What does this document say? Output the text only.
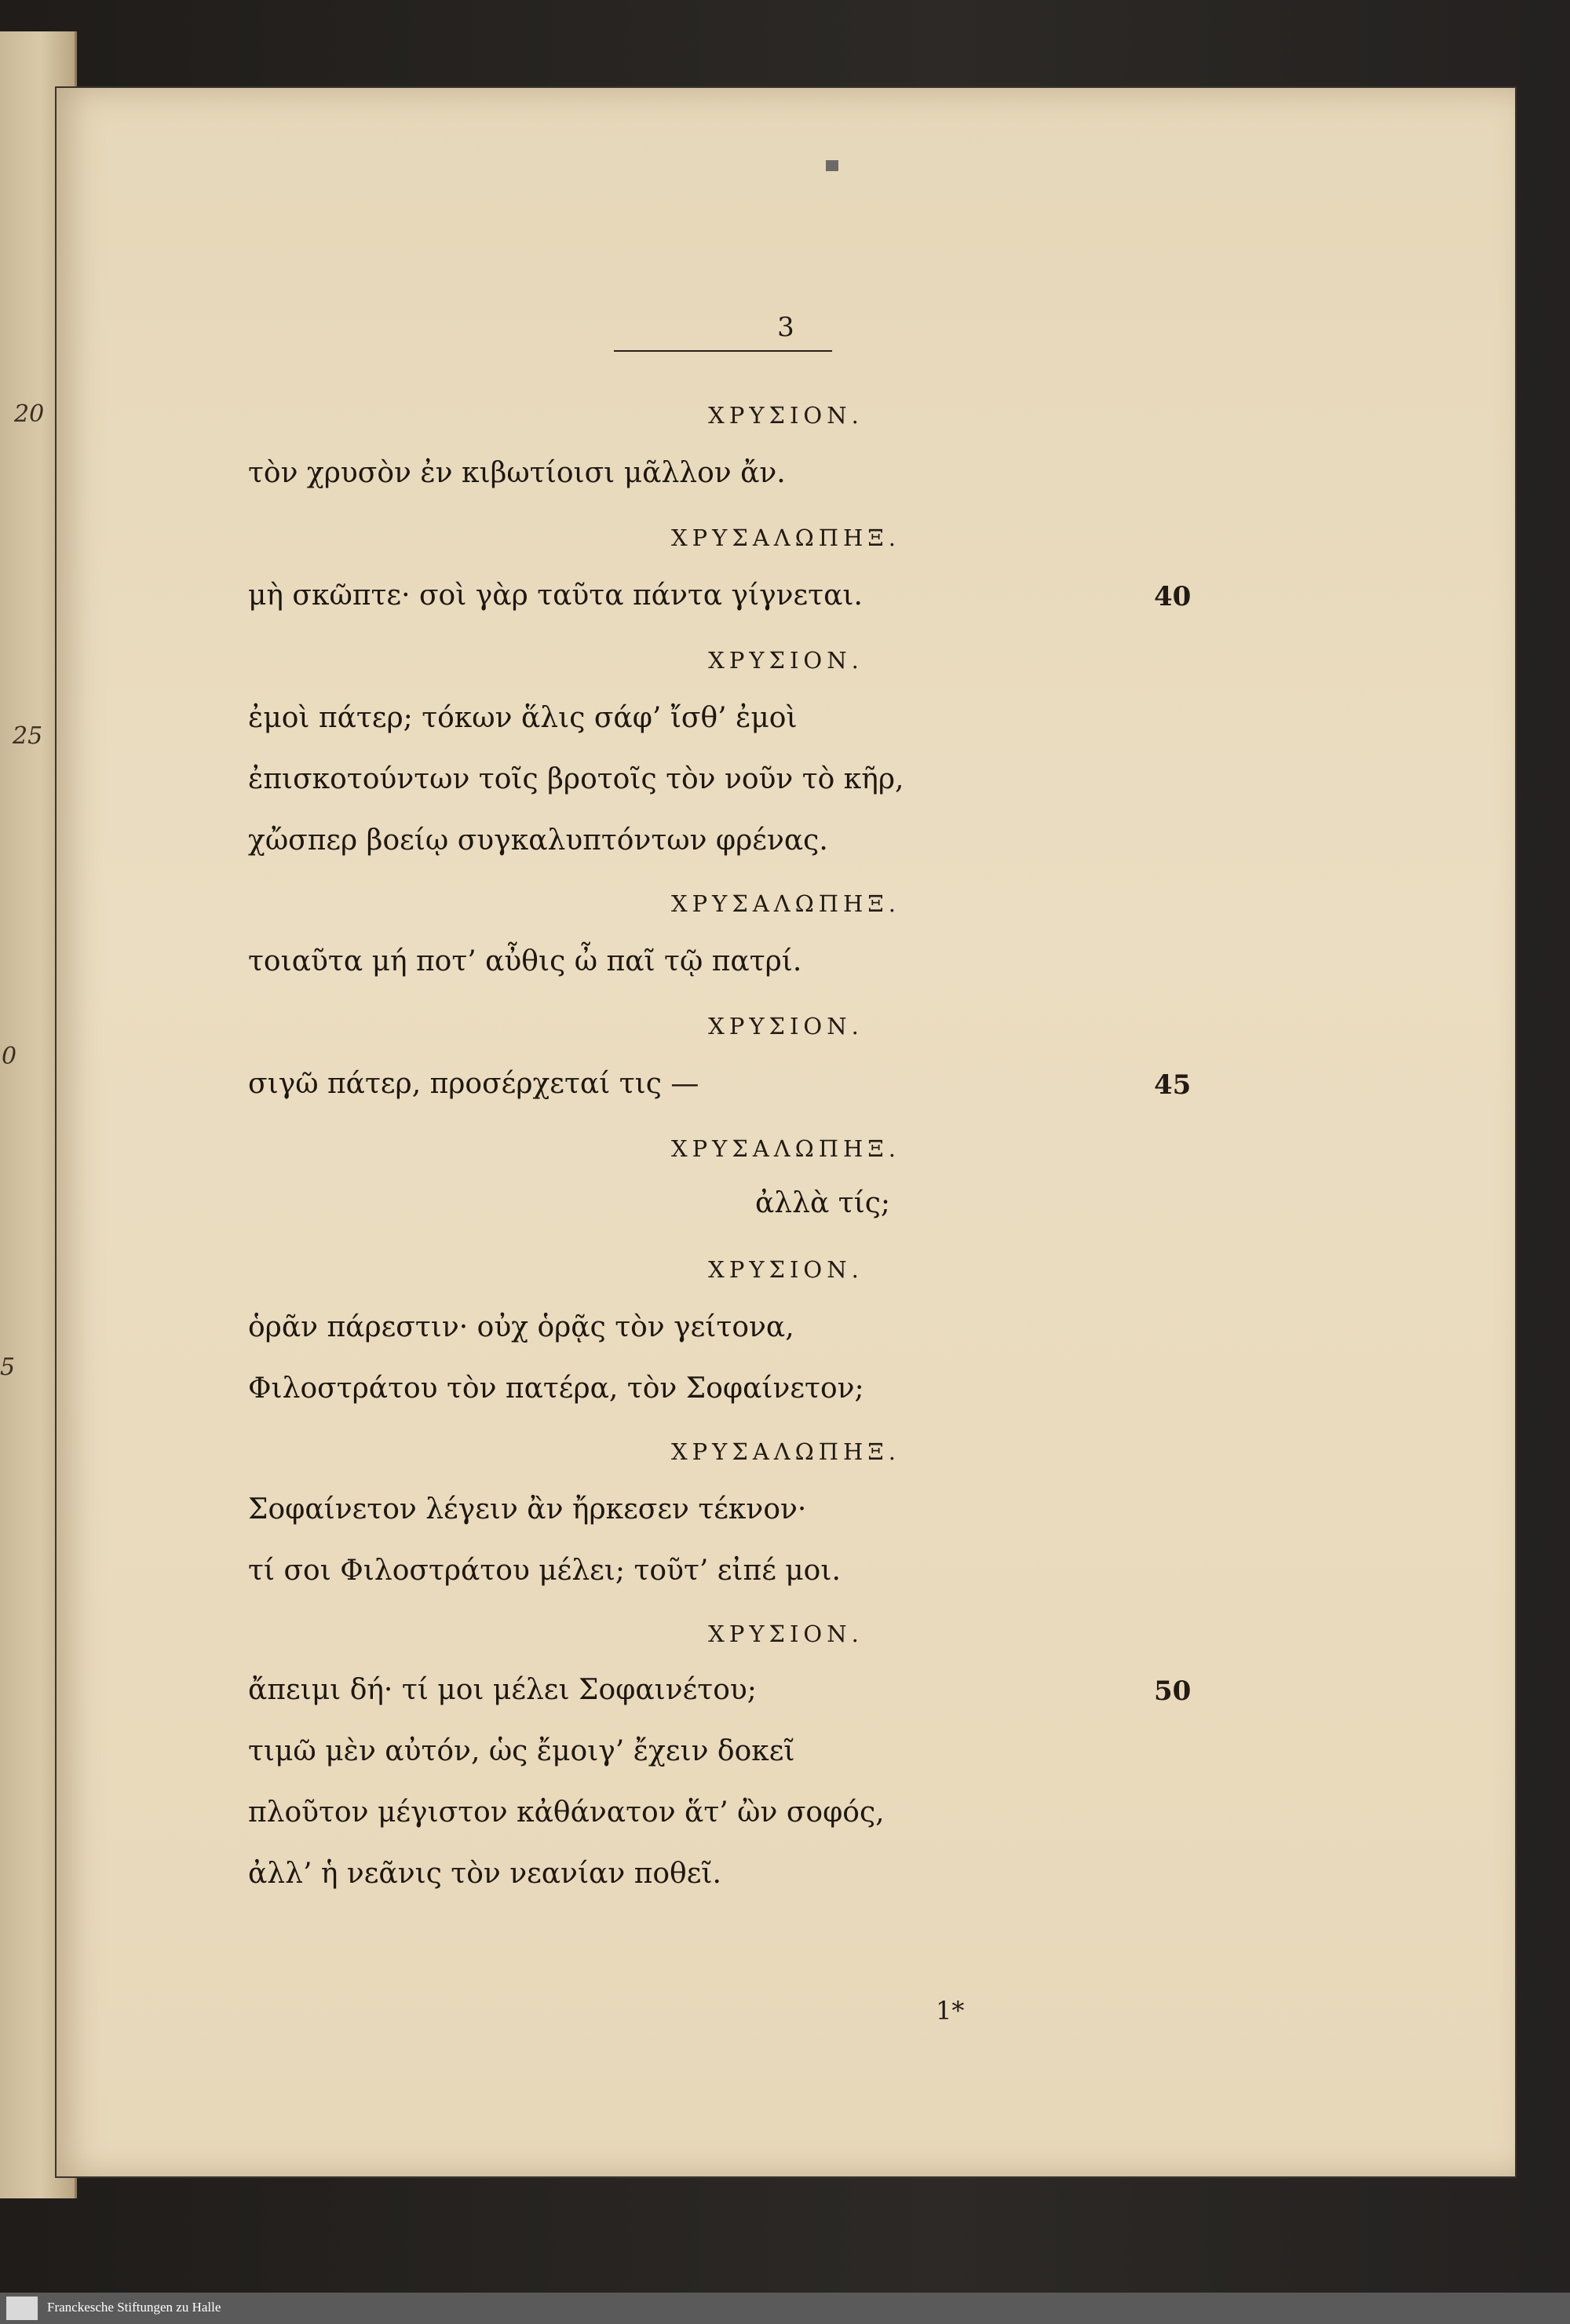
20
25
0
5
3
ΧΡΥΣΙΟΝ.
τὸν χρυσὸν ἐν κιβωτίοισι μᾶλλον ἄν.
ΧΡΥΣΑΛΩΠΗΞ.
μὴ σκῶπτε· σοὶ γὰρ ταῦτα πάντα γίγνεται.	40
ΧΡΥΣΙΟΝ.
ἐμοὶ πάτερ; τόκων ἅλις σάφ’ ἴσθ’ ἐμοὶ
ἐπισκοτούντων τοῖς βροτοῖς τὸν νοῦν τὸ κῆρ,
χὤσπερ βοείῳ συγκαλυπτόντων φρένας.
ΧΡΥΣΑΛΩΠΗΞ.
τοιαῦτα μή ποτ’ αὖθις ὦ παῖ τῷ πατρί.
ΧΡΥΣΙΟΝ.
σιγῶ πάτερ, προσέρχεταί τις —	45
ΧΡΥΣΑΛΩΠΗΞ.
ἀλλὰ τίς;
ΧΡΥΣΙΟΝ.
ὁρᾶν πάρεστιν· οὐχ ὁρᾷς τὸν γείτονα,
Φιλοστράτου τὸν πατέρα, τὸν Σοφαίνετον;
ΧΡΥΣΑΛΩΠΗΞ.
Σοφαίνετον λέγειν ἂν ἤρκεσεν τέκνον·
τί σοι Φιλοστράτου μέλει; τοῦτ’ εἰπέ μοι.
ΧΡΥΣΙΟΝ.
ἄπειμι δή· τί μοι μέλει Σοφαινέτου;	50
τιμῶ μὲν αὐτόν, ὡς ἔμοιγ’ ἔχειν δοκεῖ
πλοῦτον μέγιστον κἀθάνατον ἅτ’ ὢν σοφός,
ἀλλ’ ἡ νεᾶνις τὸν νεανίαν ποθεῖ.
1*
Franckesche Stiftungen zu Halle
